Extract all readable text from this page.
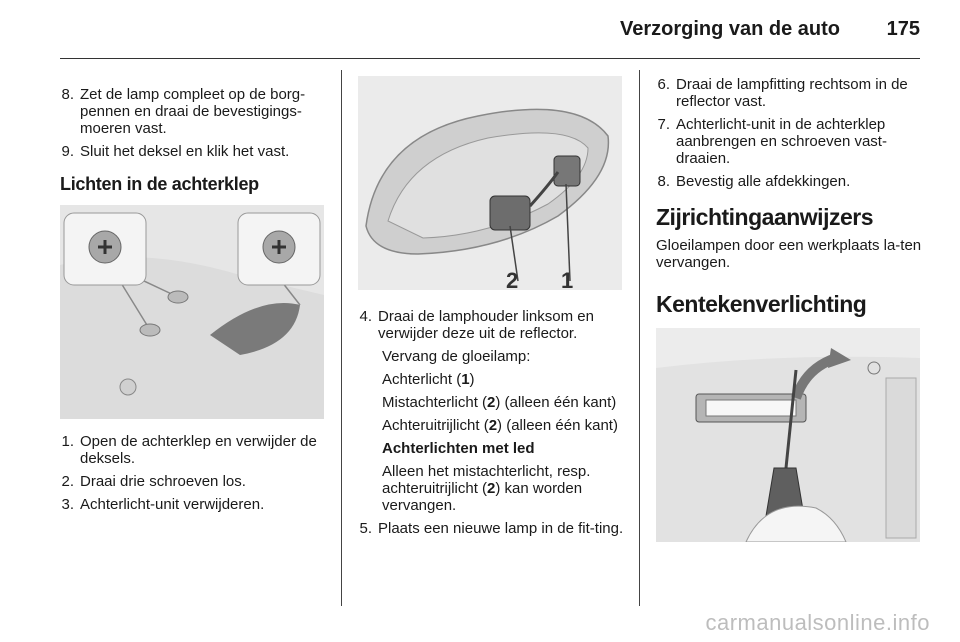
Verzorging van de auto 175
8. Zet de lamp compleet op de borg-pennen en draai de bevestigings-moeren vast.
9. Sluit het deksel en klik het vast.
Lichten in de achterklep
1. Open de achterklep en verwijder de deksels.
2. Draai drie schroeven los.
3. Achterlicht-unit verwijderen.
2 1
4. Draai de lamphouder linksom en verwijder deze uit de reflector.
Vervang de gloeilamp:
Achterlicht (1)
Mistachterlicht (2) (alleen één kant)
Achteruitrijlicht (2) (alleen één kant)
Achterlichten met led
Alleen het mistachterlicht, resp. achteruitrijlicht (2) kan worden vervangen.
5. Plaats een nieuwe lamp in de fit-ting.
6. Draai de lampfitting rechtsom in de reflector vast.
7. Achterlicht-unit in de achterklep aanbrengen en schroeven vast-draaien.
8. Bevestig alle afdekkingen.
Zijrichtingaanwijzers
Gloeilampen door een werkplaats la-ten vervangen.
Kentekenverlichting
carmanualsonline.info
